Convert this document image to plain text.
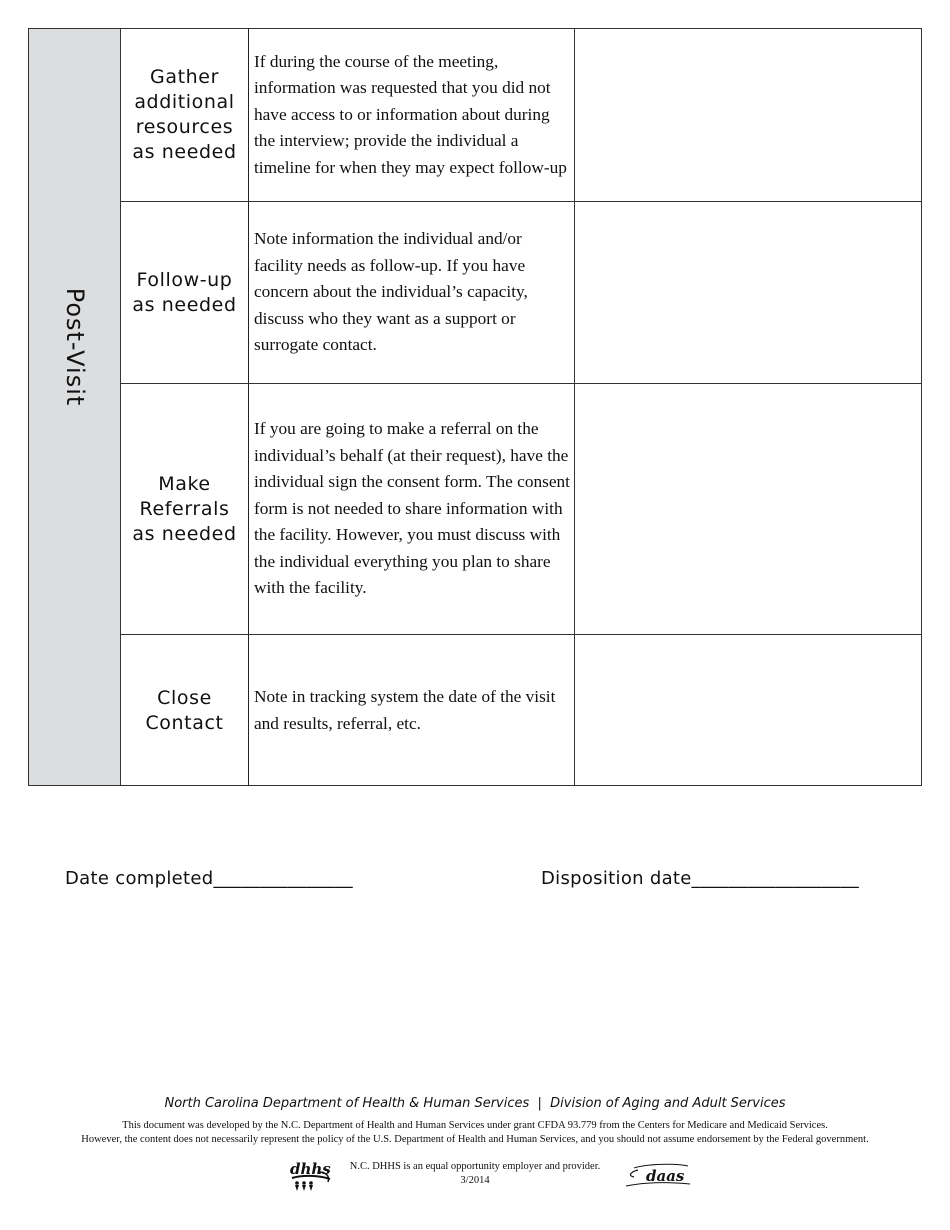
Post-Visit
Gather
additional
resources
as needed
If during the course of the meeting, information was requested that you did not have access to or information about during the interview; provide the individual a timeline for when they may expect follow-up
Follow-up
as needed
Note information the individual and/or facility needs as follow-up. If you have concern about the individual’s capacity, discuss who they want as a support or surrogate contact.
Make
Referrals
as needed
If you are going to make a referral on the individual’s behalf (at their request), have the individual sign the consent form. The consent form is not needed to share information with the facility. However, you must discuss with the individual everything you plan to share with the facility.
Close
Contact
Note in tracking system the date of the visit and results, referral, etc.
Date completed_______________	Disposition date__________________
North Carolina Department of Health & Human Services  |  Division of Aging and Adult Services
This document was developed by the N.C. Department of Health and Human Services under grant CFDA 93.779 from the Centers for Medicare and Medicaid Services.
However, the content does not necessarily represent the policy of the U.S. Department of Health and Human Services, and you should not assume endorsement by the Federal government.
N.C. DHHS is an equal opportunity employer and provider.
3/2014
dhhs	daas
